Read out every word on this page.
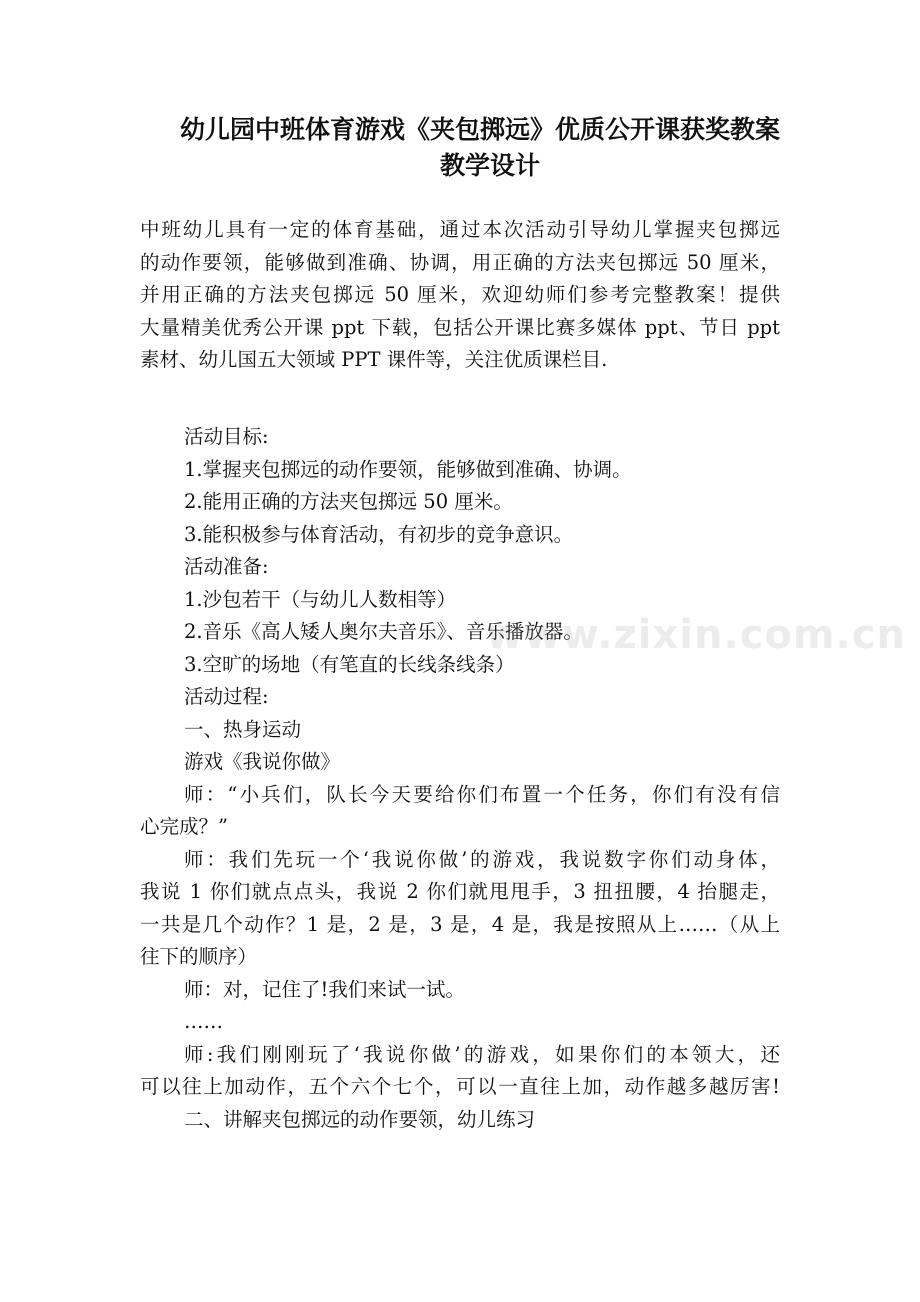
幼儿园中班体育游戏《夹包掷远》优质公开课获奖教案
教学设计
中班幼儿具有一定的体育基础，通过本次活动引导幼儿掌握夹包掷远
的动作要领，能够做到准确、协调，用正确的方法夹包掷远 50 厘米，
并用正确的方法夹包掷远 50 厘米，欢迎幼师们参考完整教案！提供
大量精美优秀公开课 ppt 下载，包括公开课比赛多媒体 ppt、节日 ppt
素材、幼儿国五大领域 PPT 课件等，关注优质课栏目.
活动目标:
1.掌握夹包掷远的动作要领，能够做到准确、协调。
2.能用正确的方法夹包掷远 50 厘米。
3.能积极参与体育活动，有初步的竞争意识。
活动准备:
1.沙包若干（与幼儿人数相等）
2.音乐《高人矮人奥尔夫音乐》、音乐播放器。
3.空旷的场地（有笔直的长线条线条）
活动过程:
一、热身运动
游戏《我说你做》
师：“小兵们，队长今天要给你们布置一个任务，你们有没有信
心完成？”
师：我们先玩一个‘我说你做’的游戏，我说数字你们动身体，
我说 1 你们就点点头，我说 2 你们就甩甩手，3 扭扭腰，4 抬腿走，
一共是几个动作？1 是，2 是，3 是，4 是，我是按照从上……（从上
往下的顺序）
师：对，记住了!我们来试一试。
……
师:我们刚刚玩了‘我说你做’的游戏，如果你们的本领大，还
可以往上加动作，五个六个七个，可以一直往上加，动作越多越厉害!
二、讲解夹包掷远的动作要领，幼儿练习
www.zixin.com.cn
